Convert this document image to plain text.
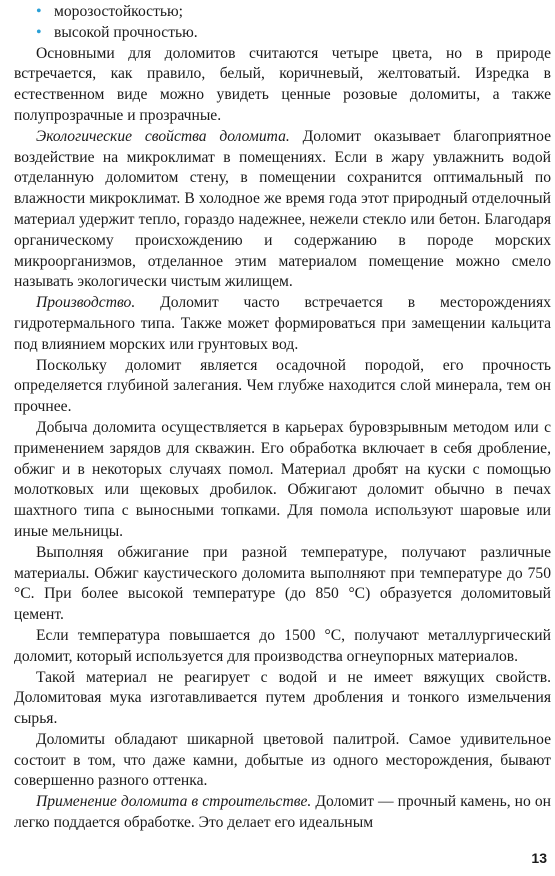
• морозостойкостью;
• высокой прочностью.

Основными для доломитов считаются четыре цвета, но в природе встречается, как правило, белый, коричневый, желтоватый. Изредка в естественном виде можно увидеть ценные розовые доломиты, а также полупрозрачные и прозрачные.

Экологические свойства доломита. Доломит оказывает благоприятное воздействие на микроклимат в помещениях. Если в жару увлажнить водой отделанную доломитом стену, в помещении сохранится оптимальный по влажности микроклимат. В холодное же время года этот природный отделочный материал удержит тепло, гораздо надежнее, нежели стекло или бетон. Благодаря органическому происхождению и содержанию в породе морских микроорганизмов, отделанное этим материалом помещение можно смело называть экологически чистым жилищем.

Производство. Доломит часто встречается в месторождениях гидротермального типа. Также может формироваться при замещении кальцита под влиянием морских или грунтовых вод.

Поскольку доломит является осадочной породой, его прочность определяется глубиной залегания. Чем глубже находится слой минерала, тем он прочнее.

Добыча доломита осуществляется в карьерах буровзрывным методом или с применением зарядов для скважин. Его обработка включает в себя дробление, обжиг и в некоторых случаях помол. Материал дробят на куски с помощью молотковых или щековых дробилок. Обжигают доломит обычно в печах шахтного типа с выносными топками. Для помола используют шаровые или иные мельницы.

Выполняя обжигание при разной температуре, получают различные материалы. Обжиг каустического доломита выполняют при температуре до 750 °С. При более высокой температуре (до 850 °С) образуется доломитовый цемент.

Если температура повышается до 1500 °С, получают металлургический доломит, который используется для производства огнеупорных материалов.

Такой материал не реагирует с водой и не имеет вяжущих свойств. Доломитовая мука изготавливается путем дробления и тонкого измельчения сырья.

Доломиты обладают шикарной цветовой палитрой. Самое удивительное состоит в том, что даже камни, добытые из одного месторождения, бывают совершенно разного оттенка.

Применение доломита в строительстве. Доломит — прочный камень, но он легко поддается обработке. Это делает его идеальным

13
